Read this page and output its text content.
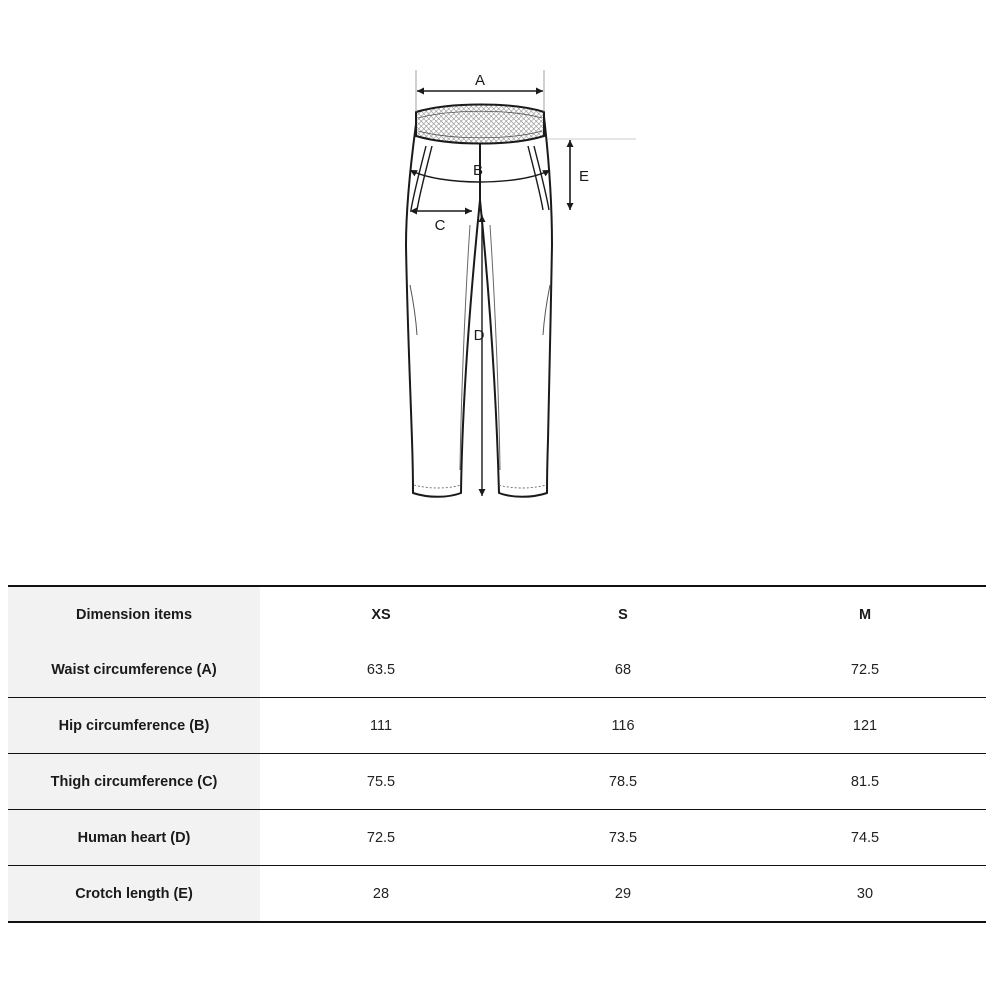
A
B
C
D
E
Dimension items	XS	S	M
Waist circumference (A)	63.5	68	72.5
Hip circumference (B)	111	116	121
Thigh circumference (C)	75.5	78.5	81.5
Human heart (D)	72.5	73.5	74.5
Crotch length (E)	28	29	30
